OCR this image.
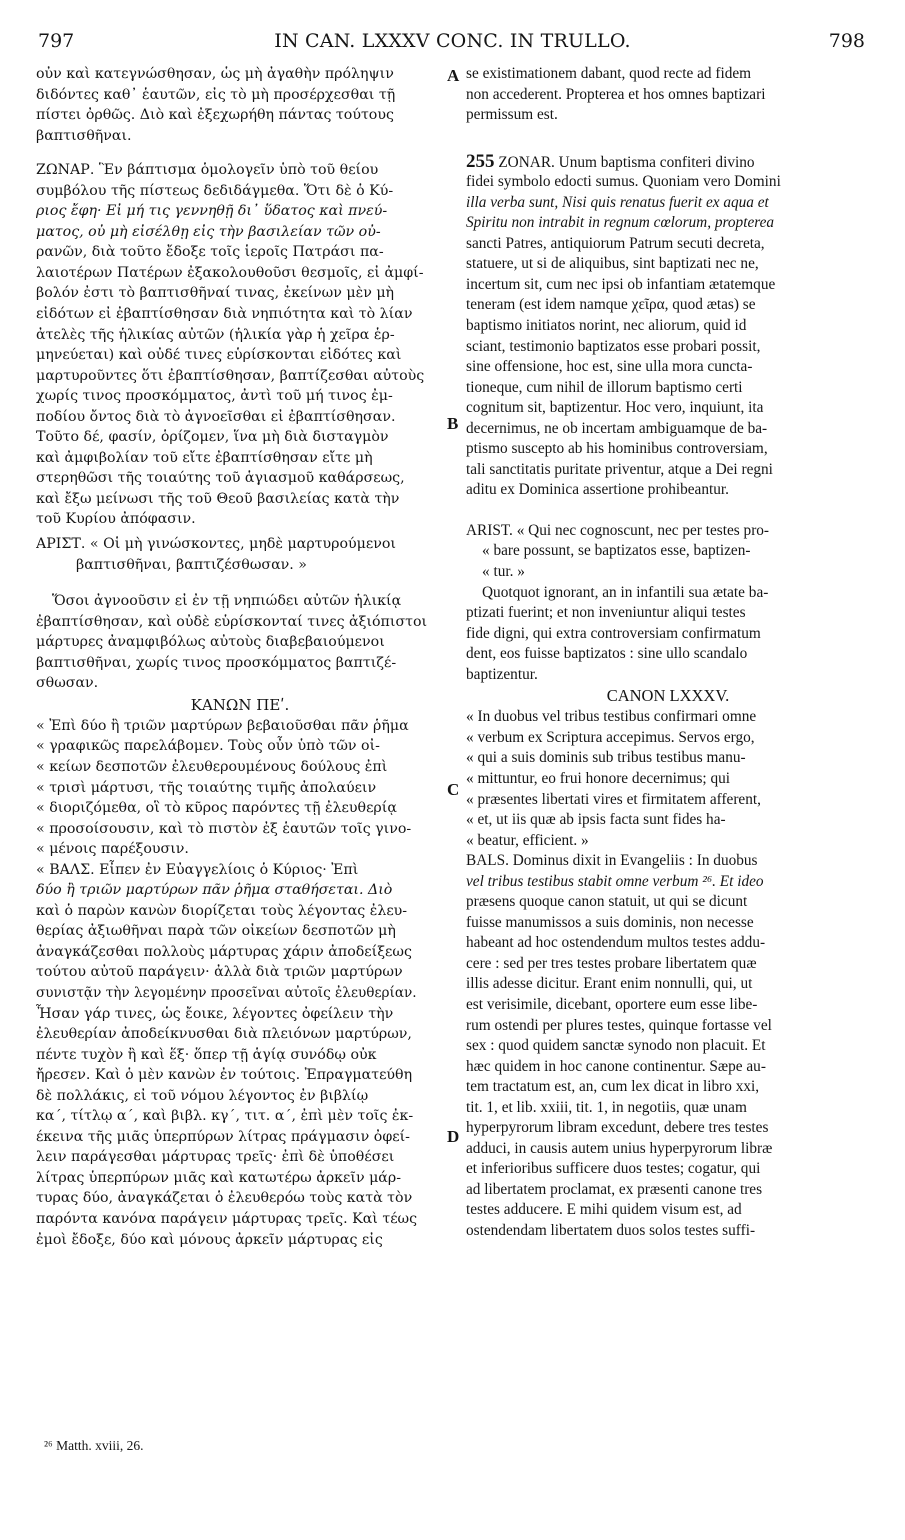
797	IN CAN. LXXXV CONC. IN TRULLO.	798
A
B
C
D
οὐν καὶ κατεγνώσθησαν, ὡς μὴ ἀγαθὴν πρόληψιν
διδόντες καθ᾽ ἑαυτῶν, εἰς τὸ μὴ προσέρχεσθαι τῇ
πίστει ὀρθῶς. Διὸ καὶ ἐξεχωρήθη πάντας τούτους
βαπτισθῆναι.
ΖΩΝΑΡ. Ἓν βάπτισμα ὁμολογεῖν ὑπὸ τοῦ θείου
συμβόλου τῆς πίστεως δεδιδάγμεθα. Ὅτι δὲ ὁ Κύ-
ριος ἔφη· Εἰ μή τις γεννηθῇ δι᾽ ὕδατος καὶ πνεύ-
ματος, οὐ μὴ εἰσέλθῃ εἰς τὴν βασιλείαν τῶν οὐ-
ρανῶν, διὰ τοῦτο ἔδοξε τοῖς ἱεροῖς Πατράσι πα-
λαιοτέρων Πατέρων ἐξακολουθοῦσι θεσμοῖς, εἰ ἀμφί-
βολόν ἐστι τὸ βαπτισθῆναί τινας, ἐκείνων μὲν μὴ
εἰδότων εἰ ἐβαπτίσθησαν διὰ νηπιότητα καὶ τὸ λίαν
ἀτελὲς τῆς ἡλικίας αὐτῶν (ἡλικία γὰρ ἡ χεῖρα ἑρ-
μηνεύεται) καὶ οὐδέ τινες εὑρίσκονται εἰδότες καὶ
μαρτυροῦντες ὅτι ἐβαπτίσθησαν, βαπτίζεσθαι αὐτοὺς
χωρίς τινος προσκόμματος, ἀντὶ τοῦ μή τινος ἐμ-
ποδίου ὄντος διὰ τὸ ἀγνοεῖσθαι εἰ ἐβαπτίσθησαν.
Τοῦτο δέ, φασίν, ὁρίζομεν, ἵνα μὴ διὰ δισταγμὸν
καὶ ἀμφιβολίαν τοῦ εἴτε ἐβαπτίσθησαν εἴτε μὴ
στερηθῶσι τῆς τοιαύτης τοῦ ἁγιασμοῦ καθάρσεως,
καὶ ἔξω μείνωσι τῆς τοῦ Θεοῦ βασιλείας κατὰ τὴν
τοῦ Κυρίου ἀπόφασιν.
ΑΡΙΣΤ. « Οἱ μὴ γινώσκοντες, μηδὲ μαρτυρούμενοι
βαπτισθῆναι, βαπτιζέσθωσαν. »
Ὅσοι ἀγνοοῦσιν εἰ ἐν τῇ νηπιώδει αὐτῶν ἡλικίᾳ
ἐβαπτίσθησαν, καὶ οὐδὲ εὑρίσκονταί τινες ἀξιόπιστοι
μάρτυρες ἀναμφιβόλως αὐτοὺς διαβεβαιούμενοι
βαπτισθῆναι, χωρίς τινος προσκόμματος βαπτιζέ-
σθωσαν.
ΚΑΝΩΝ ΠΕʹ.
« Ἐπὶ δύο ἢ τριῶν μαρτύρων βεβαιοῦσθαι πᾶν ῥῆμα
« γραφικῶς παρελάβομεν. Τοὺς οὖν ὑπὸ τῶν οἰ-
« κείων δεσποτῶν ἐλευθερουμένους δούλους ἐπὶ
« τρισὶ μάρτυσι, τῆς τοιαύτης τιμῆς ἀπολαύειν
« διοριζόμεθα, οἳ τὸ κῦρος παρόντες τῇ ἐλευθερίᾳ
« προσοίσουσιν, καὶ τὸ πιστὸν ἐξ ἑαυτῶν τοῖς γινο-
« μένοις παρέξουσιν.
« ΒΑΛΣ. Εἶπεν ἐν Εὐαγγελίοις ὁ Κύριος· Ἐπὶ
δύο ἢ τριῶν μαρτύρων πᾶν ῥῆμα σταθήσεται. Διὸ
καὶ ὁ παρὼν κανὼν διορίζεται τοὺς λέγοντας ἐλευ-
θερίας ἀξιωθῆναι παρὰ τῶν οἰκείων δεσποτῶν μὴ
ἀναγκάζεσθαι πολλοὺς μάρτυρας χάριν ἀποδείξεως
τούτου αὐτοῦ παράγειν· ἀλλὰ διὰ τριῶν μαρτύρων
συνιστᾷν τὴν λεγομένην προσεῖναι αὐτοῖς ἐλευθερίαν.
Ἦσαν γάρ τινες, ὡς ἔοικε, λέγοντες ὀφείλειν τὴν
ἐλευθερίαν ἀποδείκνυσθαι διὰ πλειόνων μαρτύρων,
πέντε τυχὸν ἢ καὶ ἕξ· ὅπερ τῇ ἁγίᾳ συνόδῳ οὐκ
ἤρεσεν. Καὶ ὁ μὲν κανὼν ἐν τούτοις. Ἐπραγματεύθη
δὲ πολλάκις, εἰ τοῦ νόμου λέγοντος ἐν βιβλίῳ
κα΄, τίτλῳ α΄, καὶ βιβλ. κγ΄, τιτ. α΄, ἐπὶ μὲν τοῖς ἐκ-
έκεινα τῆς μιᾶς ὑπερπύρων λίτρας πράγμασιν ὀφεί-
λειν παράγεσθαι μάρτυρας τρεῖς· ἐπὶ δὲ ὑποθέσει
λίτρας ὑπερπύρων μιᾶς καὶ κατωτέρω ἀρκεῖν μάρ-
τυρας δύο, ἀναγκάζεται ὁ ἐλευθερόω τοὺς κατὰ τὸν
παρόντα κανόνα παράγειν μάρτυρας τρεῖς. Καὶ τέως
ἐμοὶ ἔδοξε, δύο καὶ μόνους ἀρκεῖν μάρτυρας εἰς
se existimationem dabant, quod recte ad fidem
non accederent. Propterea et hos omnes baptizari
permissum est.
255 ZONAR. Unum baptisma confiteri divino
fidei symbolo edocti sumus. Quoniam vero Domini
illa verba sunt, Nisi quis renatus fuerit ex aqua et
Spiritu non intrabit in regnum cœlorum, propterea
sancti Patres, antiquiorum Patrum secuti decreta,
statuere, ut si de aliquibus, sint baptizati nec ne,
incertum sit, cum nec ipsi ob infantiam ætatemque
teneram (est idem namque χεῖρα, quod ætas) se
baptismo initiatos norint, nec aliorum, quid id
sciant, testimonio baptizatos esse probari possit,
sine offensione, hoc est, sine ulla mora cuncta-
tioneque, cum nihil de illorum baptismo certi
cognitum sit, baptizentur. Hoc vero, inquiunt, ita
decernimus, ne ob incertam ambiguamque de ba-
ptismo suscepto ab his hominibus controversiam,
tali sanctitatis puritate priventur, atque a Dei regni
aditu ex Dominica assertione prohibeantur.
ARIST. « Qui nec cognoscunt, nec per testes pro-
« bare possunt, se baptizatos esse, baptizen-
« tur. »
Quotquot ignorant, an in infantili sua ætate ba-
ptizati fuerint; et non inveniuntur aliqui testes
fide digni, qui extra controversiam confirmatum
dent, eos fuisse baptizatos : sine ullo scandalo
baptizentur.
CANON LXXXV.
« In duobus vel tribus testibus confirmari omne
« verbum ex Scriptura accepimus. Servos ergo,
« qui a suis dominis sub tribus testibus manu-
« mittuntur, eo frui honore decernimus; qui
« præsentes libertati vires et firmitatem afferent,
« et, ut iis quæ ab ipsis facta sunt fides ha-
« beatur, efficient. »
BALS. Dominus dixit in Evangeliis : In duobus
vel tribus testibus stabit omne verbum ²⁶. Et ideo
præsens quoque canon statuit, ut qui se dicunt
fuisse manumissos a suis dominis, non necesse
habeant ad hoc ostendendum multos testes addu-
cere : sed per tres testes probare libertatem quæ
illis adesse dicitur. Erant enim nonnulli, qui, ut
est verisimile, dicebant, oportere eum esse libe-
rum ostendi per plures testes, quinque fortasse vel
sex : quod quidem sanctæ synodo non placuit. Et
hæc quidem in hoc canone continentur. Sæpe au-
tem tractatum est, an, cum lex dicat in libro xxi,
tit. 1, et lib. xxiii, tit. 1, in negotiis, quæ unam
hyperpyrorum libram excedunt, debere tres testes
adduci, in causis autem unius hyperpyrorum libræ
et inferioribus sufficere duos testes; cogatur, qui
ad libertatem proclamat, ex præsenti canone tres
testes adducere. E mihi quidem visum est, ad
ostendendam libertatem duos solos testes suffi-
²⁶ Matth. xviii, 26.
